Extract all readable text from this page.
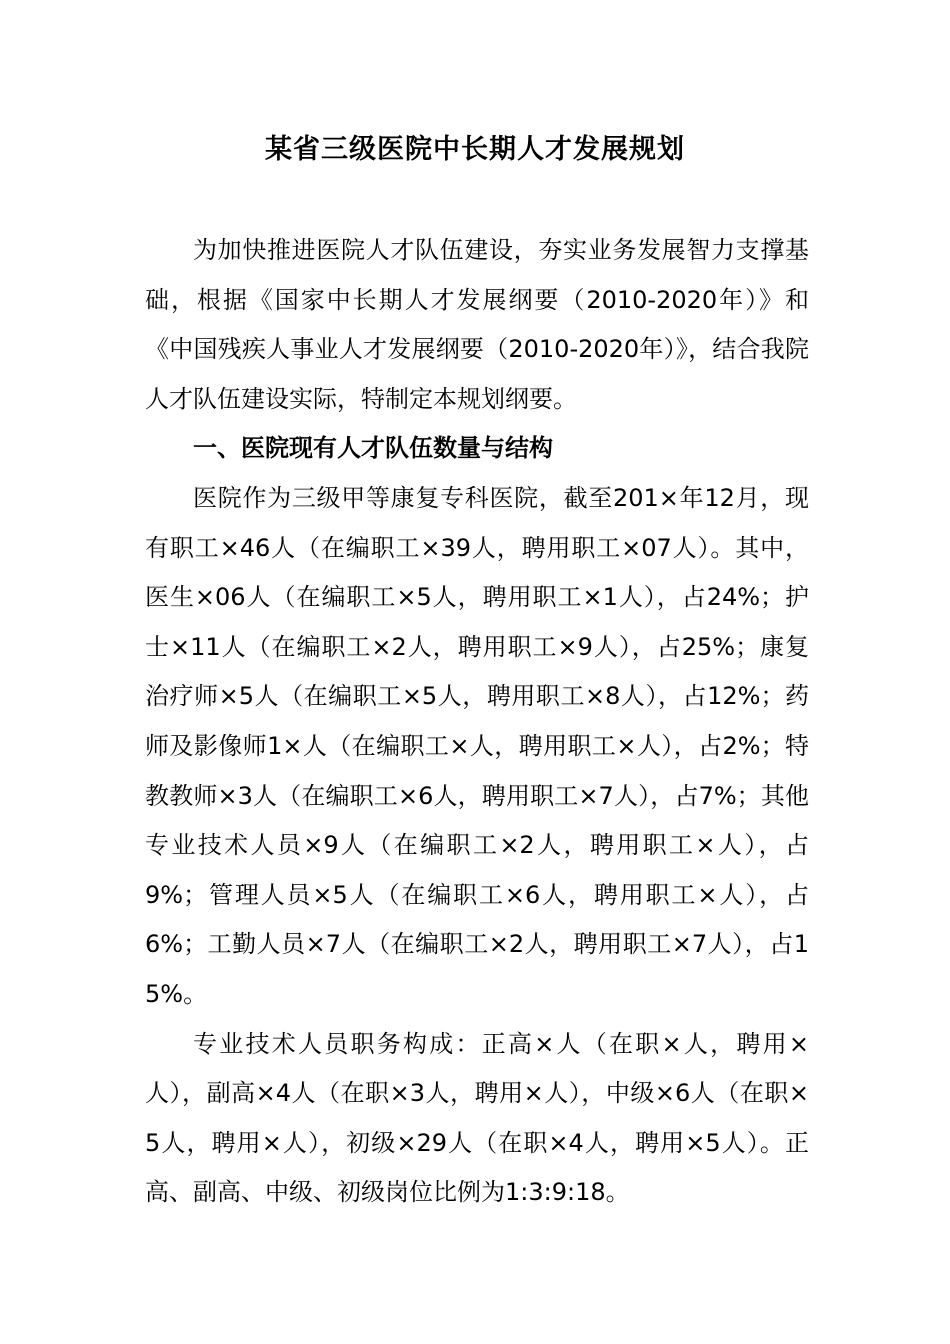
某省三级医院中长期人才发展规划

为加快推进医院人才队伍建设，夯实业务发展智力支撑基础，根据《国家中长期人才发展纲要（2010-2020年）》和《中国残疾人事业人才发展纲要（2010-2020年）》，结合我院人才队伍建设实际，特制定本规划纲要。

一、医院现有人才队伍数量与结构

医院作为三级甲等康复专科医院，截至201×年12月，现有职工×46人（在编职工×39人，聘用职工×07人）。其中，医生×06人（在编职工×5人，聘用职工×1人），占24%；护士×11人（在编职工×2人，聘用职工×9人），占25%；康复治疗师×5人（在编职工×5人，聘用职工×8人），占12%；药师及影像师1×人（在编职工×人，聘用职工×人），占2%；特教教师×3人（在编职工×6人，聘用职工×7人），占7%；其他专业技术人员×9人（在编职工×2人，聘用职工×人），占9%；管理人员×5人（在编职工×6人，聘用职工×人），占6%；工勤人员×7人（在编职工×2人，聘用职工×7人），占15%。

专业技术人员职务构成：正高×人（在职×人，聘用×人），副高×4人（在职×3人，聘用×人），中级×6人（在职×5人，聘用×人），初级×29人（在职×4人，聘用×5人）。正高、副高、中级、初级岗位比例为1:3:9:18。
